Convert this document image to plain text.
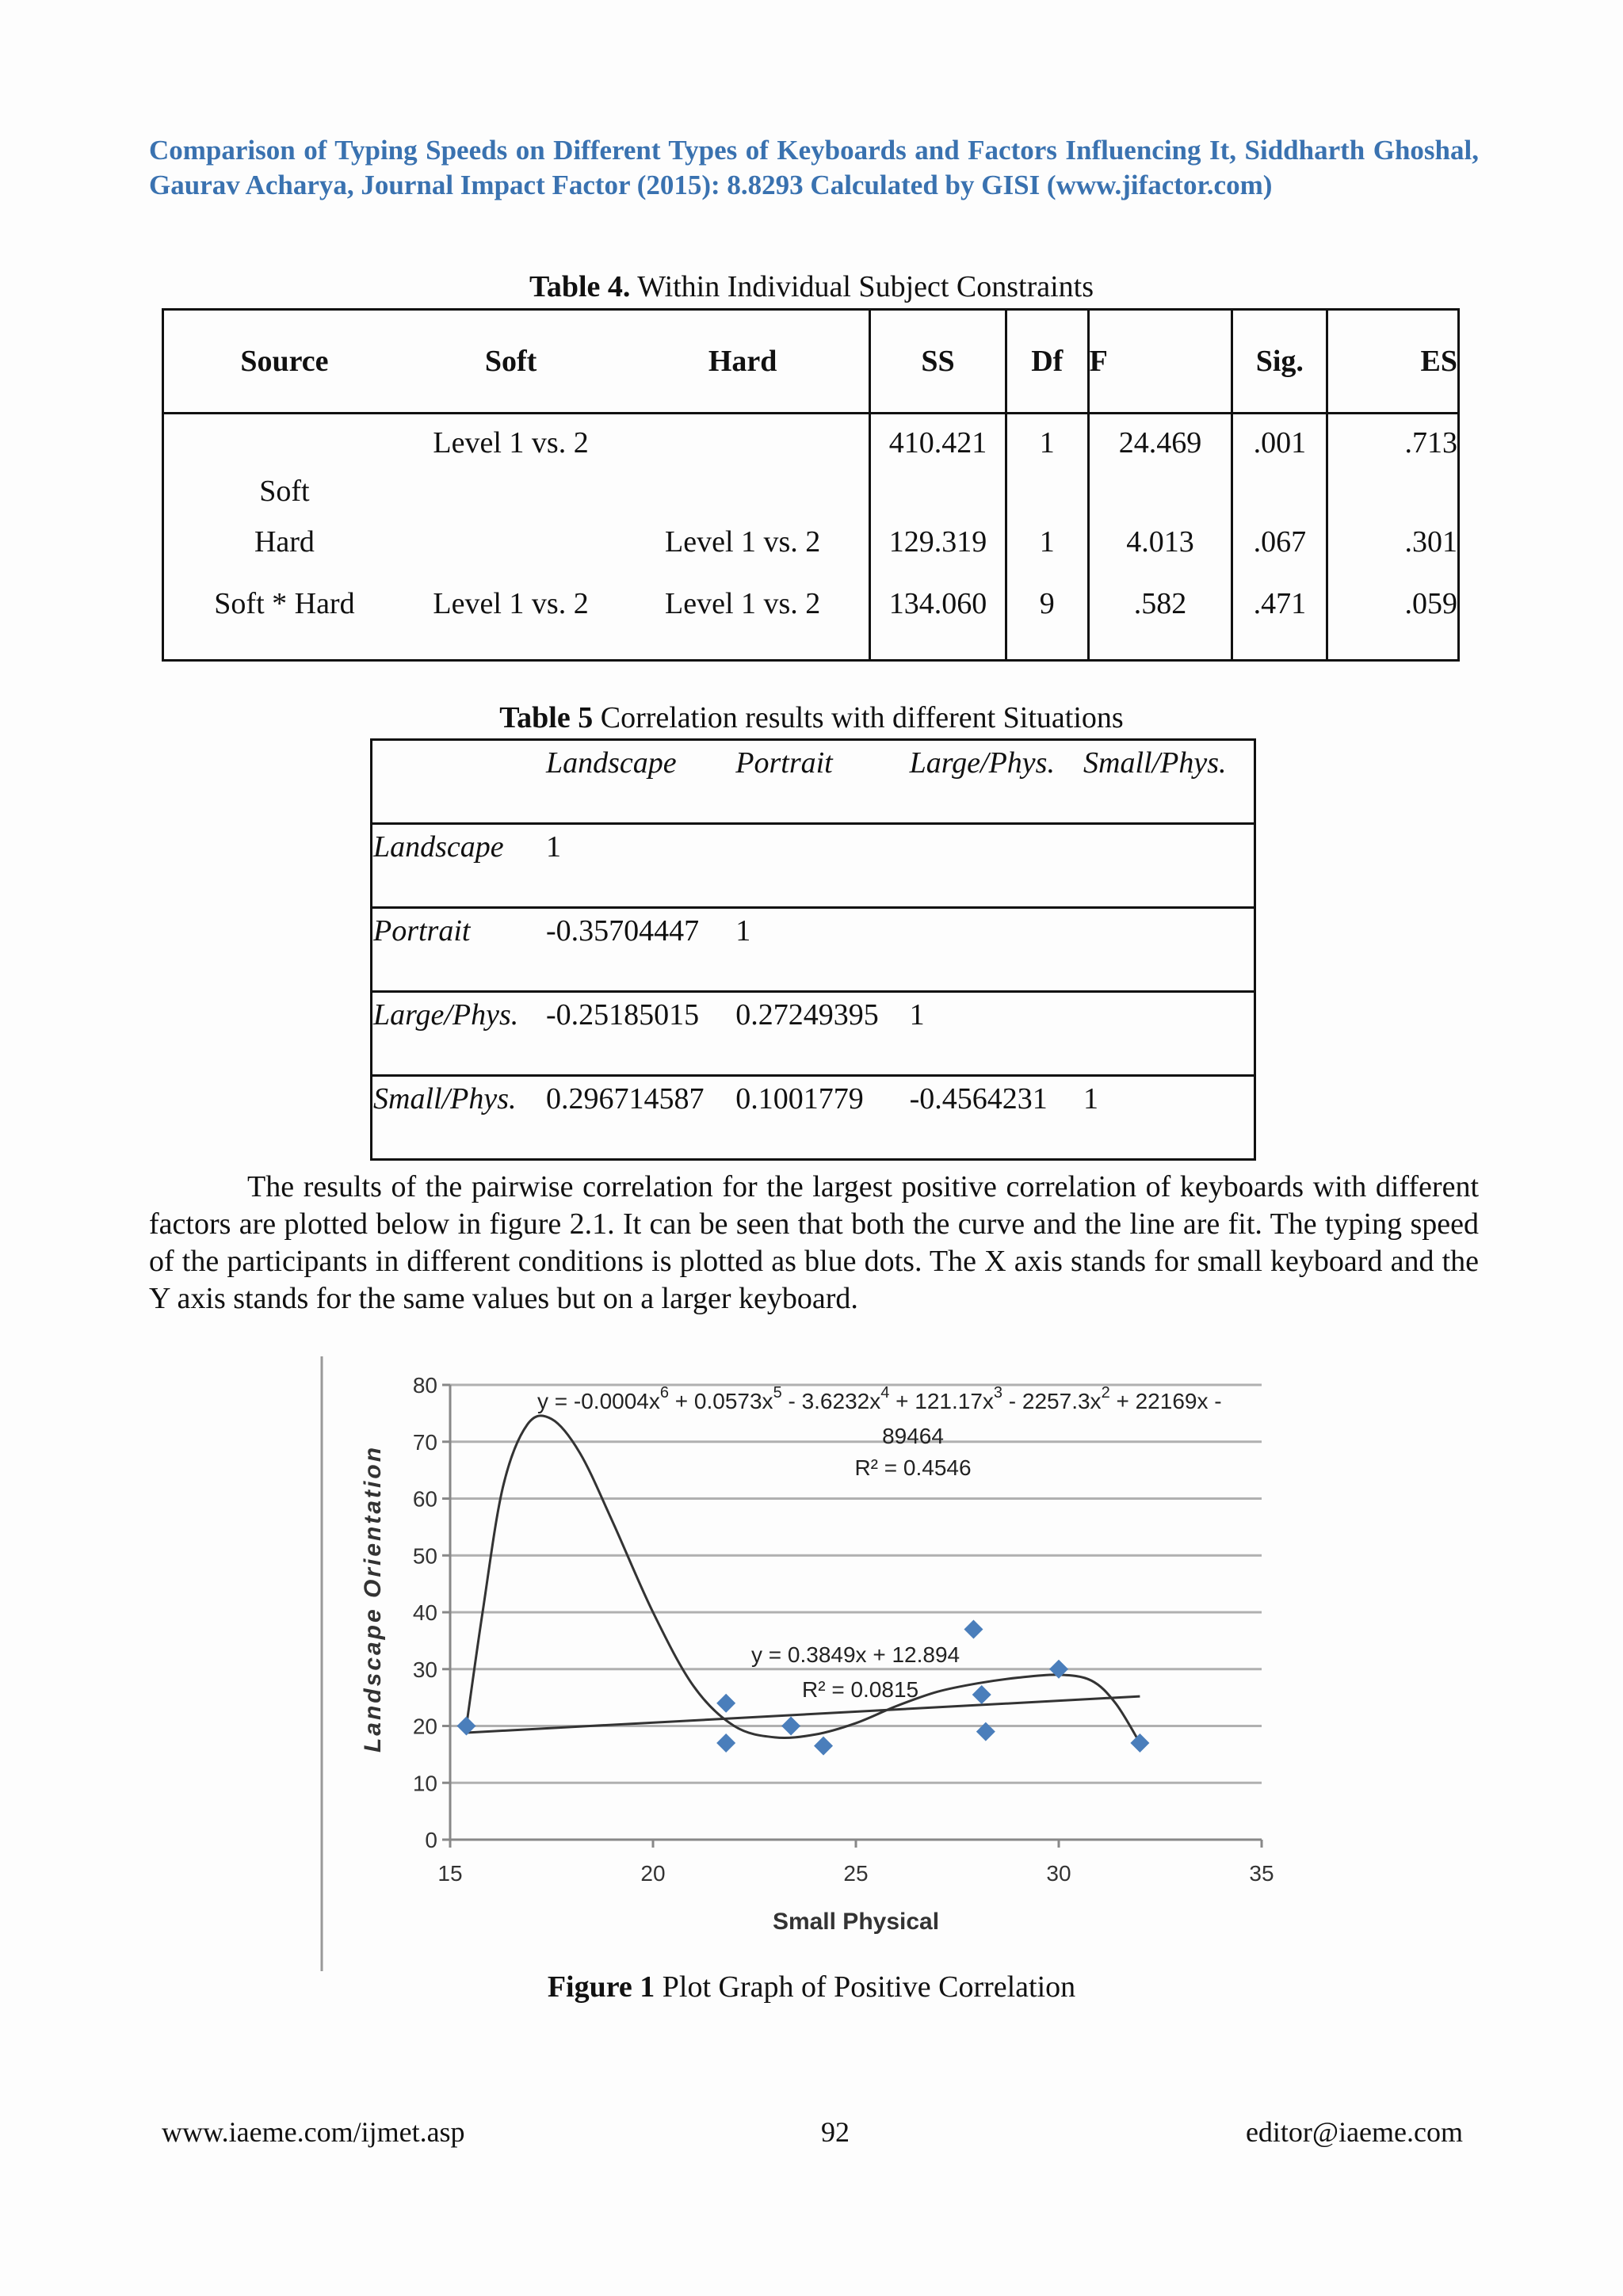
Comparison of Typing Speeds on Different Types of Keyboards and Factors Influencing It, Siddharth Ghoshal, Gaurav Acharya, Journal Impact Factor (2015): 8.8293 Calculated by GISI (www.jifactor.com)
Table 4. Within Individual Subject Constraints
Source	Soft	Hard	SS	Df	F	Sig.	ES
Soft	Level 1 vs. 2		410.421	1	24.469	.001	.713
Hard		Level 1 vs. 2	129.319	1	4.013	.067	.301
Soft * Hard	Level 1 vs. 2	Level 1 vs. 2	134.060	9	.582	.471	.059
Table 5 Correlation results with different Situations
	Landscape	Portrait	Large/Phys.	Small/Phys.
Landscape	1			
Portrait	-0.35704447	1		
Large/Phys.	-0.25185015	0.27249395	1	
Small/Phys.	0.296714587	0.1001779	-0.4564231	1
The results of the pairwise correlation for the largest positive correlation of keyboards with different factors are plotted below in figure 2.1. It can be seen that both the curve and the line are fit. The typing speed of the participants in different conditions is plotted as blue dots. The X axis stands for small keyboard and the Y axis stands for the same values but on a larger keyboard.
0
10
20
30
40
50
60
70
80
15	20	25	30	35
Small Physical
Landscape Orientation
$y = -0.0004x^6 + 0.0573x^5 - 3.6232x^4 + 121.17x^3 - 2257.3x^2 + 22169x$ -
89464
R² = 0.4546
y = 0.3849x + 12.894
R² = 0.0815
Figure 1 Plot Graph of Positive Correlation
www.iaeme.com/ijmet.asp	92	editor@iaeme.com
